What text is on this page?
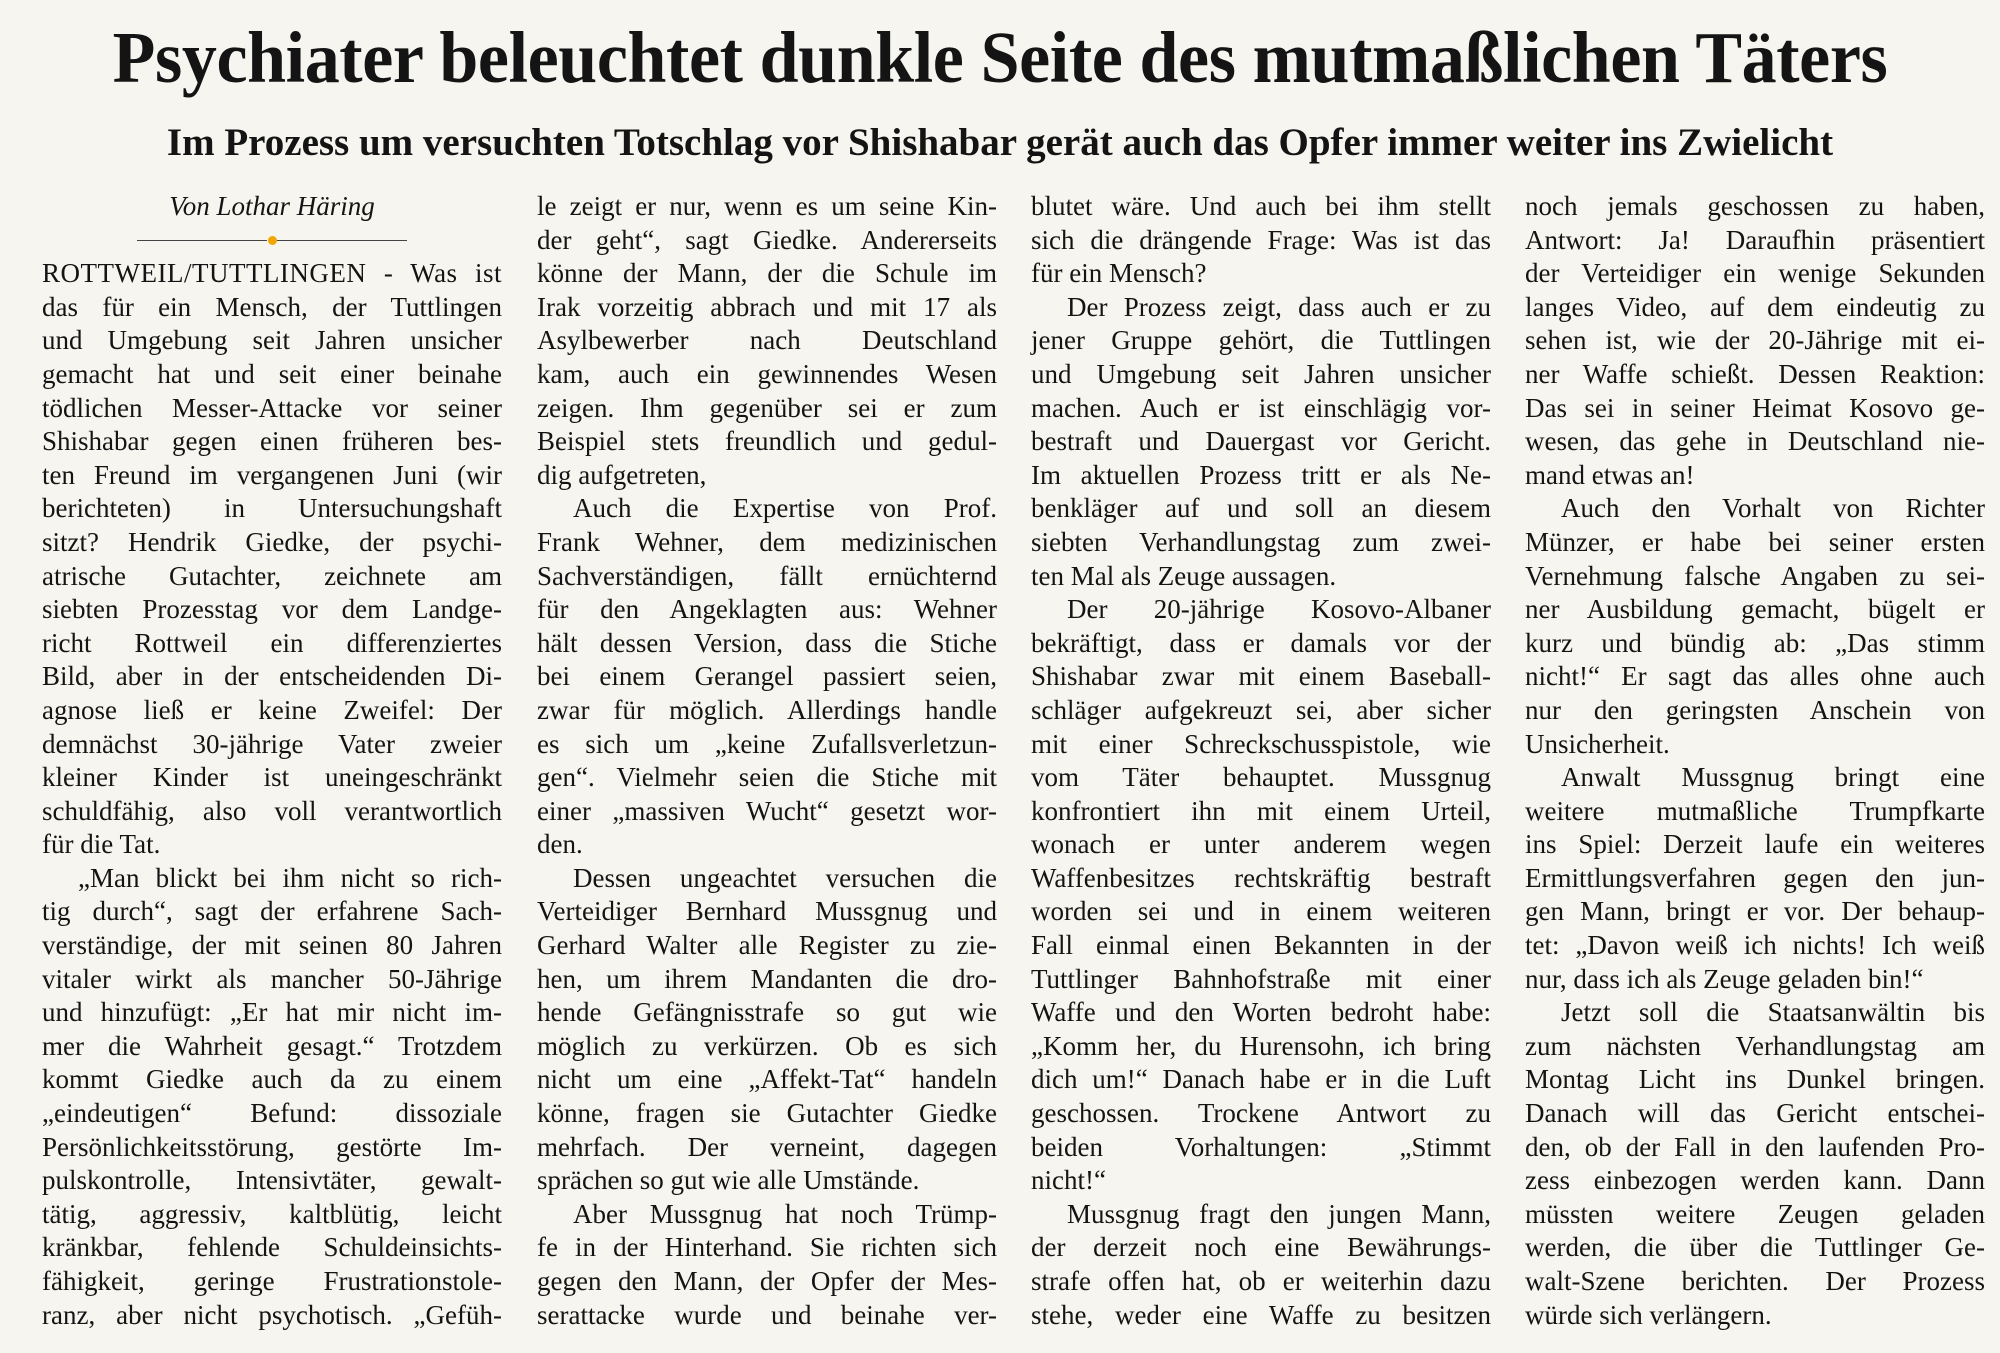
Psychiater beleuchtet dunkle Seite des mutmaßlichen Täters
Im Prozess um versuchten Totschlag vor Shishabar gerät auch das Opfer immer weiter ins Zwielicht
Von Lothar Häring
ROTTWEIL/TUTTLINGEN - Was ist
das für ein Mensch, der Tuttlingen
und Umgebung seit Jahren unsicher
gemacht hat und seit einer beinahe
tödlichen Messer-Attacke vor seiner
Shishabar gegen einen früheren bes-
ten Freund im vergangenen Juni (wir
berichteten) in Untersuchungshaft
sitzt? Hendrik Giedke, der psychi-
atrische Gutachter, zeichnete am
siebten Prozesstag vor dem Landge-
richt Rottweil ein differenziertes
Bild, aber in der entscheidenden Di-
agnose ließ er keine Zweifel: Der
demnächst 30-jährige Vater zweier
kleiner Kinder ist uneingeschränkt
schuldfähig, also voll verantwortlich
für die Tat.
„Man blickt bei ihm nicht so rich-
tig durch“, sagt der erfahrene Sach-
verständige, der mit seinen 80 Jahren
vitaler wirkt als mancher 50-Jährige
und hinzufügt: „Er hat mir nicht im-
mer die Wahrheit gesagt.“ Trotzdem
kommt Giedke auch da zu einem
„eindeutigen“ Befund: dissoziale
Persönlichkeitsstörung, gestörte Im-
pulskontrolle, Intensivtäter, gewalt-
tätig, aggressiv, kaltblütig, leicht
kränkbar, fehlende Schuldeinsichts-
fähigkeit, geringe Frustrationstole-
ranz, aber nicht psychotisch. „Gefüh-
le zeigt er nur, wenn es um seine Kin-
der geht“, sagt Giedke. Andererseits
könne der Mann, der die Schule im
Irak vorzeitig abbrach und mit 17 als
Asylbewerber nach Deutschland
kam, auch ein gewinnendes Wesen
zeigen. Ihm gegenüber sei er zum
Beispiel stets freundlich und gedul-
dig aufgetreten,
Auch die Expertise von Prof.
Frank Wehner, dem medizinischen
Sachverständigen, fällt ernüchternd
für den Angeklagten aus: Wehner
hält dessen Version, dass die Stiche
bei einem Gerangel passiert seien,
zwar für möglich. Allerdings handle
es sich um „keine Zufallsverletzun-
gen“. Vielmehr seien die Stiche mit
einer „massiven Wucht“ gesetzt wor-
den.
Dessen ungeachtet versuchen die
Verteidiger Bernhard Mussgnug und
Gerhard Walter alle Register zu zie-
hen, um ihrem Mandanten die dro-
hende Gefängnisstrafe so gut wie
möglich zu verkürzen. Ob es sich
nicht um eine „Affekt-Tat“ handeln
könne, fragen sie Gutachter Giedke
mehrfach. Der verneint, dagegen
sprächen so gut wie alle Umstände.
Aber Mussgnug hat noch Trümp-
fe in der Hinterhand. Sie richten sich
gegen den Mann, der Opfer der Mes-
serattacke wurde und beinahe ver-
blutet wäre. Und auch bei ihm stellt
sich die drängende Frage: Was ist das
für ein Mensch?
Der Prozess zeigt, dass auch er zu
jener Gruppe gehört, die Tuttlingen
und Umgebung seit Jahren unsicher
machen. Auch er ist einschlägig vor-
bestraft und Dauergast vor Gericht.
Im aktuellen Prozess tritt er als Ne-
benkläger auf und soll an diesem
siebten Verhandlungstag zum zwei-
ten Mal als Zeuge aussagen.
Der 20-jährige Kosovo-Albaner
bekräftigt, dass er damals vor der
Shishabar zwar mit einem Baseball-
schläger aufgekreuzt sei, aber sicher
mit einer Schreckschusspistole, wie
vom Täter behauptet. Mussgnug
konfrontiert ihn mit einem Urteil,
wonach er unter anderem wegen
Waffenbesitzes rechtskräftig bestraft
worden sei und in einem weiteren
Fall einmal einen Bekannten in der
Tuttlinger Bahnhofstraße mit einer
Waffe und den Worten bedroht habe:
„Komm her, du Hurensohn, ich bring
dich um!“ Danach habe er in die Luft
geschossen. Trockene Antwort zu
beiden Vorhaltungen: „Stimmt
nicht!“
Mussgnug fragt den jungen Mann,
der derzeit noch eine Bewährungs-
strafe offen hat, ob er weiterhin dazu
stehe, weder eine Waffe zu besitzen
noch jemals geschossen zu haben,
Antwort: Ja! Daraufhin präsentiert
der Verteidiger ein wenige Sekunden
langes Video, auf dem eindeutig zu
sehen ist, wie der 20-Jährige mit ei-
ner Waffe schießt. Dessen Reaktion:
Das sei in seiner Heimat Kosovo ge-
wesen, das gehe in Deutschland nie-
mand etwas an!
Auch den Vorhalt von Richter
Münzer, er habe bei seiner ersten
Vernehmung falsche Angaben zu sei-
ner Ausbildung gemacht, bügelt er
kurz und bündig ab: „Das stimm
nicht!“ Er sagt das alles ohne auch
nur den geringsten Anschein von
Unsicherheit.
Anwalt Mussgnug bringt eine
weitere mutmaßliche Trumpfkarte
ins Spiel: Derzeit laufe ein weiteres
Ermittlungsverfahren gegen den jun-
gen Mann, bringt er vor. Der behaup-
tet: „Davon weiß ich nichts! Ich weiß
nur, dass ich als Zeuge geladen bin!“
Jetzt soll die Staatsanwältin bis
zum nächsten Verhandlungstag am
Montag Licht ins Dunkel bringen.
Danach will das Gericht entschei-
den, ob der Fall in den laufenden Pro-
zess einbezogen werden kann. Dann
müssten weitere Zeugen geladen
werden, die über die Tuttlinger Ge-
walt-Szene berichten. Der Prozess
würde sich verlängern.
